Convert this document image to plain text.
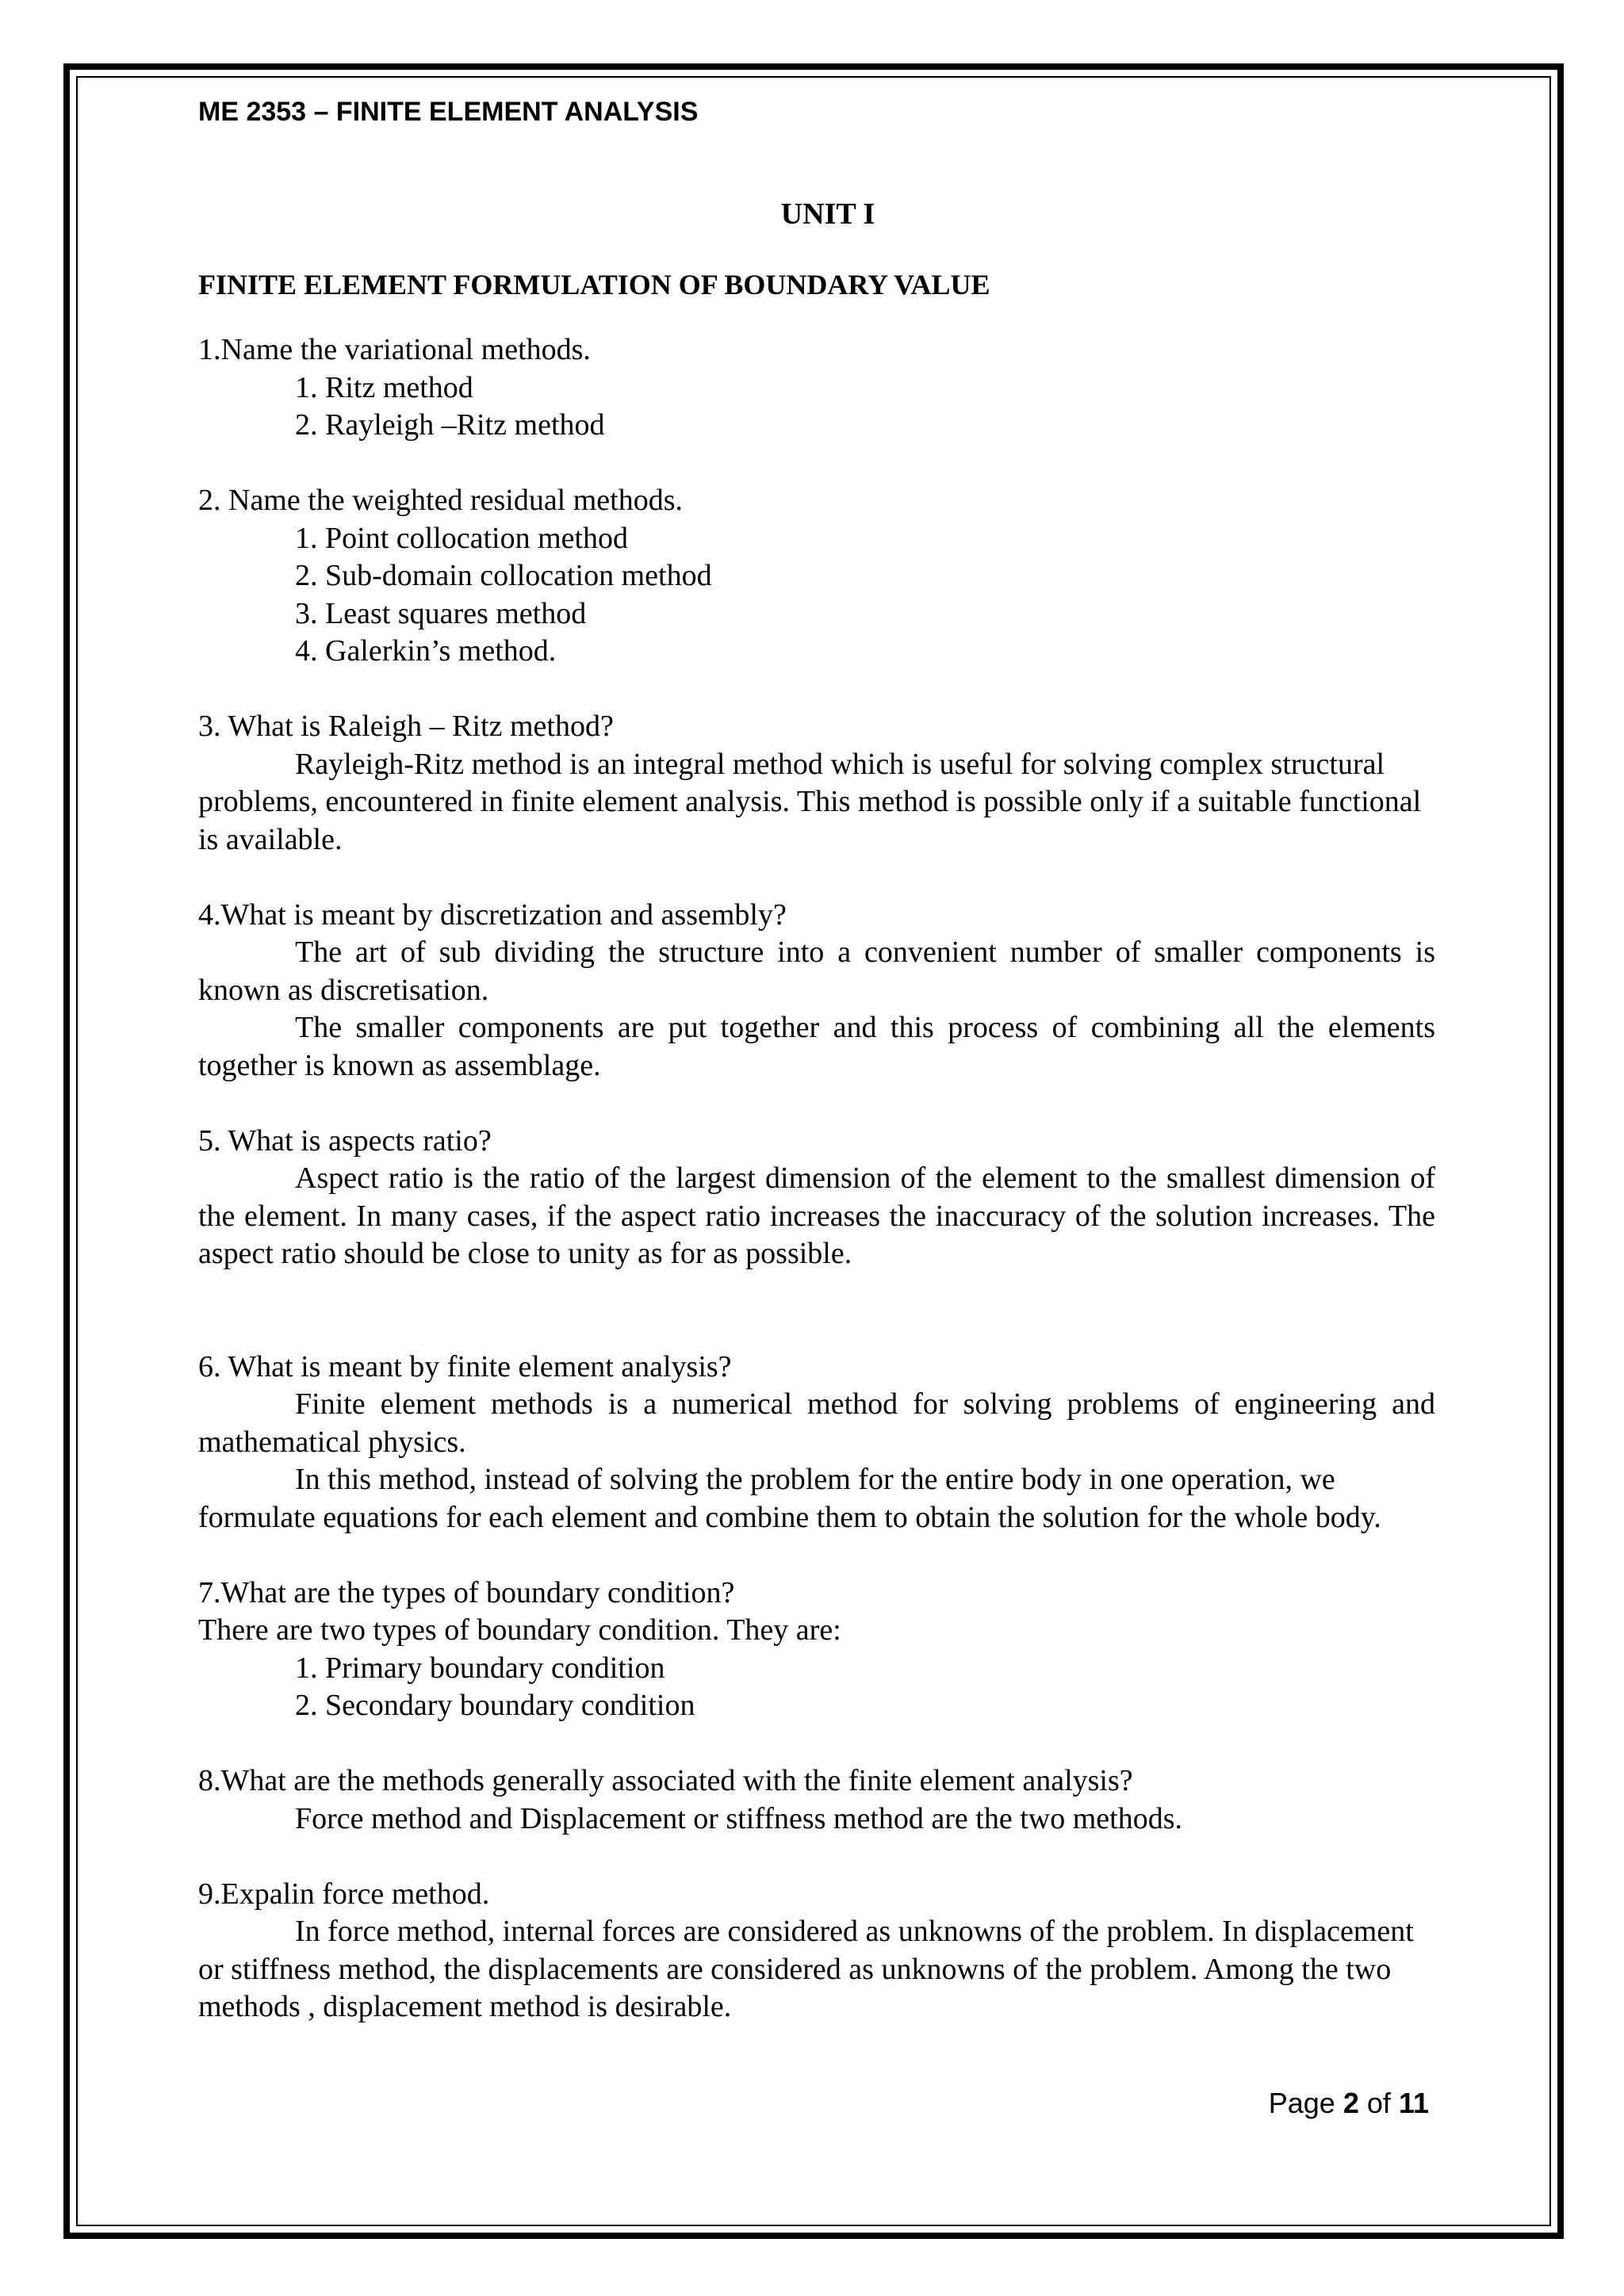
ME 2353 – FINITE ELEMENT ANALYSIS
UNIT I
FINITE ELEMENT FORMULATION OF BOUNDARY VALUE

1.Name the variational methods.

1. Ritz method
2. Rayleigh –Ritz method

2. Name the weighted residual methods.

1. Point collocation method
2. Sub-domain collocation method
3. Least squares method
4. Galerkin’s method.

3. What is Raleigh – Ritz method?

Rayleigh-Ritz method is an integral method which is useful for solving complex structural problems, encountered in finite element analysis. This method is possible only if a suitable functional is available.

4.What is meant by discretization and assembly?

The art of sub dividing the structure into a convenient number of smaller components is known as discretisation.

The smaller components are put together and this process of combining all the elements together is known as assemblage.

5. What is aspects ratio?

Aspect ratio is the ratio of the largest dimension of the element to the smallest dimension of the element. In many cases, if the aspect ratio increases the inaccuracy of the solution increases. The aspect ratio should be close to unity as for as possible.

6. What is meant by finite element analysis?

Finite element methods is a numerical method for solving problems of engineering and mathematical physics.

In this method, instead of solving the problem for the entire body in one operation, we formulate equations for each element and combine them to obtain the solution for the whole body.

7.What are the types of boundary condition?

There are two types of boundary condition. They are:

1. Primary boundary condition
2. Secondary boundary condition

8.What are the methods generally associated with the finite element analysis?

Force method and Displacement or stiffness method are the two methods.

9.Expalin force method.

In force method, internal forces are considered as unknowns of the problem. In displacement or stiffness method, the displacements are considered as unknowns of the problem. Among the two methods , displacement method is desirable.

Page 2 of 11
